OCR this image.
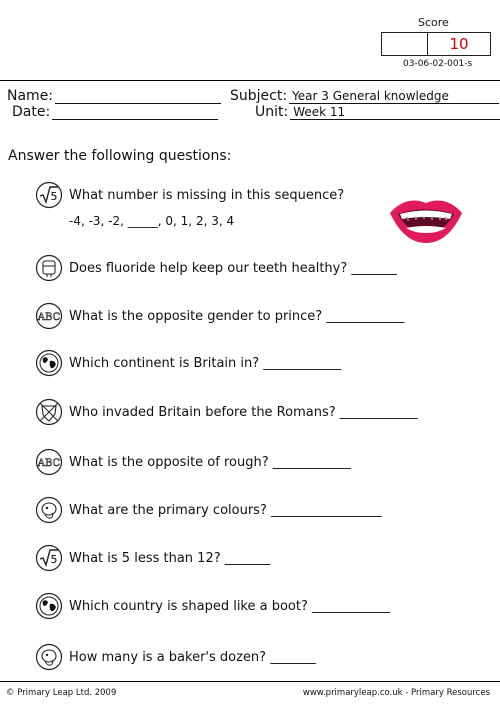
Score
10
03-06-02-001-s
Name:
Date:
Subject: Year 3 General knowledge
Unit: Week 11
Answer the following questions:
5 What number is missing in this sequence?
-4, -3, -2, _____, 0, 1, 2, 3, 4
Does fluoride help keep our teeth healthy? _______
ABC What is the opposite gender to prince? ____________
Which continent is Britain in? ____________
Who invaded Britain before the Romans? ____________
ABC What is the opposite of rough? ____________
What are the primary colours? _________________
5 What is 5 less than 12? _______
Which country is shaped like a boot? ____________
How many is a baker's dozen? _______
© Primary Leap Ltd. 2009	www.primaryleap.co.uk - Primary Resources
